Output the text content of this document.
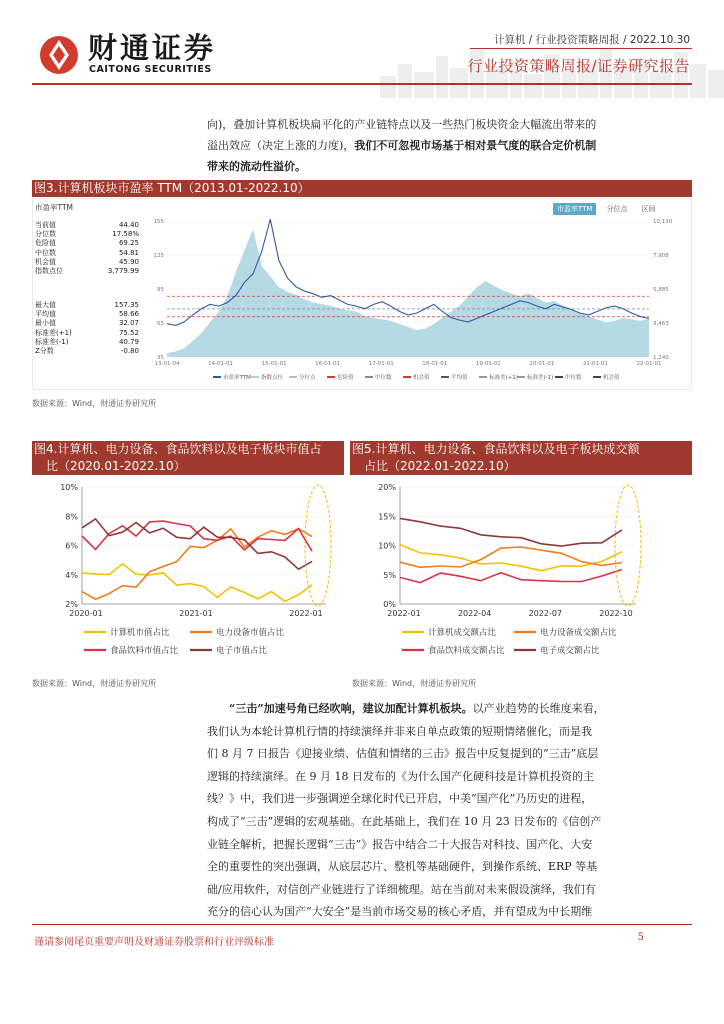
财通证券
CAITONG SECURITIES
计算机 / 行业投资策略周报 / 2022.10.30
行业投资策略周报/证券研究报告
向)，叠加计算机板块扁平化的产业链特点以及一些热门板块资金大幅流出带来的
溢出效应（决定上涨的力度)，我们不可忽视市场基于相对景气度的联合定价机制
带来的流动性溢价。
图3.计算机板块市盈率 TTM（2013.01-2022.10）
市盈率TTM	市盈率TTM	分位点	区间
当前值	44.40
分位数	17.58%
危险值	69.25
中位数	54.81
机会值	45.90
指数点位	3,779.99
最大值	157.35
平均值	58.66
最小值	32.07
标准差(+1)	75.52
标准差(-1)	40.79
Z分数	-0.80
155
125
95
65
35
10,130
7,908
5,885
3,463
1,240
13-01-04	14-01-01	15-01-01	16-01-01	17-01-01	18-01-01	19-01-01	20-01-01	21-01-01	22-01-01
市盈率TTM 指数点位	分位点	危险值	中位数	机会值	平均值	标准差(+1) 标准差(-1) 中位数	机会值
数据来源：Wind，财通证券研究所
图4.计算机、电力设备、食品饮料以及电子板块市值占
比（2020.01-2022.10）
10%
8%
6%
4%
2%
2020-01	2021-01	2022-01
计算机市值占比	电力设备市值占比
食品饮料市值占比	电子市值占比
数据来源：Wind，财通证券研究所
图5.计算机、电力设备、食品饮料以及电子板块成交额
占比（2022.01-2022.10）
20%
15%
10%
5%
0%
2022-01	2022-04	2022-07	2022-10
计算机成交额占比	电力设备成交额占比
食品饮料成交额占比	电子成交额占比
数据来源：Wind，财通证券研究所
“三击”加速号角已经吹响，建议加配计算机板块。以产业趋势的长维度来看，
我们认为本轮计算机行情的持续演绎并非来自单点政策的短期情绪催化，而是我
们 8 月 7 日报告《迎接业绩、估值和情绪的三击》报告中反复提到的“三击”底层
逻辑的持续演绎。在 9 月 18 日发布的《为什么国产化硬科技是计算机投资的主
线？》中，我们进一步强调逆全球化时代已开启，中美“国产化”乃历史的进程，
构成了“三击”逻辑的宏观基础。在此基础上，我们在 10 月 23 日发布的《信创产
业链全解析，把握长逻辑“三击”》报告中结合二十大报告对科技、国产化、大安
全的重要性的突出强调，从底层芯片、整机等基础硬件，到操作系统、ERP 等基
础/应用软件，对信创产业链进行了详细梳理。站在当前对未来假设演绎，我们有
充分的信心认为国产“大安全”是当前市场交易的核心矛盾，并有望成为中长期维
谨请参阅尾页重要声明及财通证券股票和行业评级标准	5
